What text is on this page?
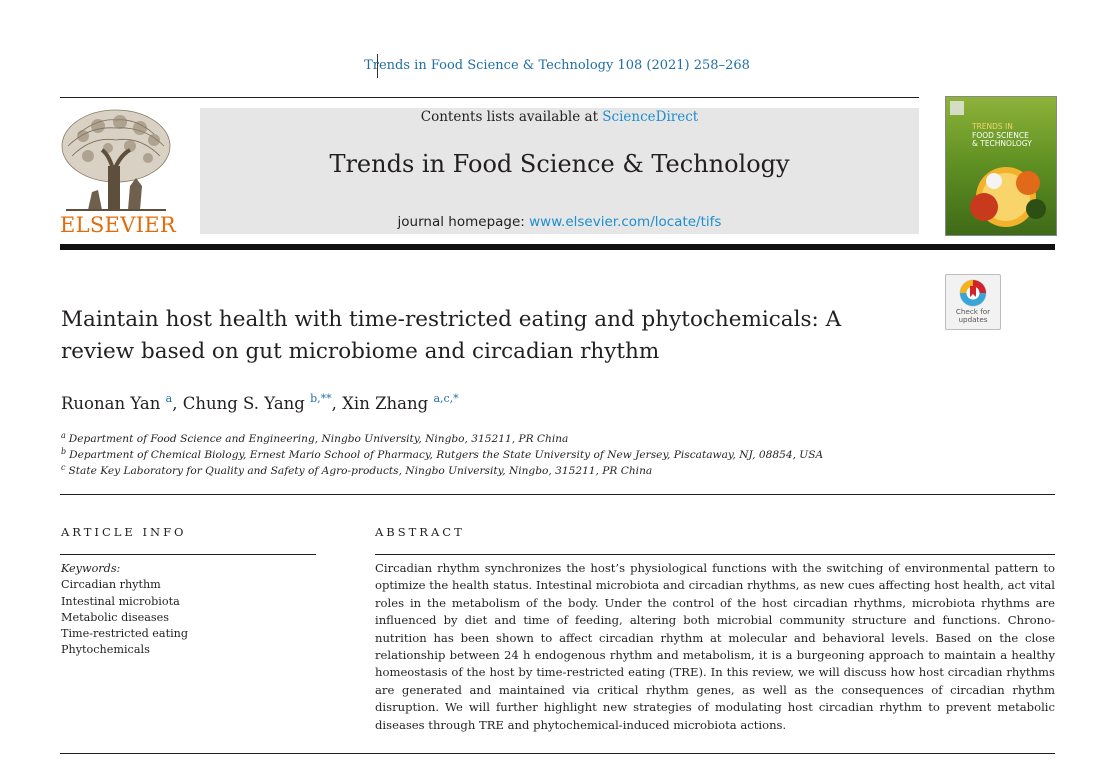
Trends in Food Science & Technology 108 (2021) 258–268
ELSEVIER
Contents lists available at ScienceDirect
Trends in Food Science & Technology
journal homepage: www.elsevier.com/locate/tifs
TRENDS IN
FOOD SCIENCE
& TECHNOLOGY
Check for
updates
Maintain host health with time-restricted eating and phytochemicals: A review based on gut microbiome and circadian rhythm
Ruonan Yan $^a$, Chung S. Yang $^{b,**}$, Xin Zhang $^{a,c,*}$
$^a$ Department of Food Science and Engineering, Ningbo University, Ningbo, 315211, PR China
$^b$ Department of Chemical Biology, Ernest Mario School of Pharmacy, Rutgers the State University of New Jersey, Piscataway, NJ, 08854, USA
$^c$ State Key Laboratory for Quality and Safety of Agro-products, Ningbo University, Ningbo, 315211, PR China
ARTICLE INFO
Keywords:
Circadian rhythm
Intestinal microbiota
Metabolic diseases
Time-restricted eating
Phytochemicals
ABSTRACT
Circadian rhythm synchronizes the host’s physiological functions with the switching of environmental pattern to optimize the health status. Intestinal microbiota and circadian rhythms, as new cues affecting host health, act vital roles in the metabolism of the body. Under the control of the host circadian rhythms, microbiota rhythms are influenced by diet and time of feeding, altering both microbial community structure and functions. Chrono-nutrition has been shown to affect circadian rhythm at molecular and behavioral levels. Based on the close relationship between 24 h endogenous rhythm and metabolism, it is a burgeoning approach to maintain a healthy homeostasis of the host by time-restricted eating (TRE). In this review, we will discuss how host circadian rhythms are generated and maintained via critical rhythm genes, as well as the consequences of circadian rhythm disruption. We will further highlight new strategies of modulating host circadian rhythm to prevent metabolic diseases through TRE and phytochemical-induced microbiota actions.
